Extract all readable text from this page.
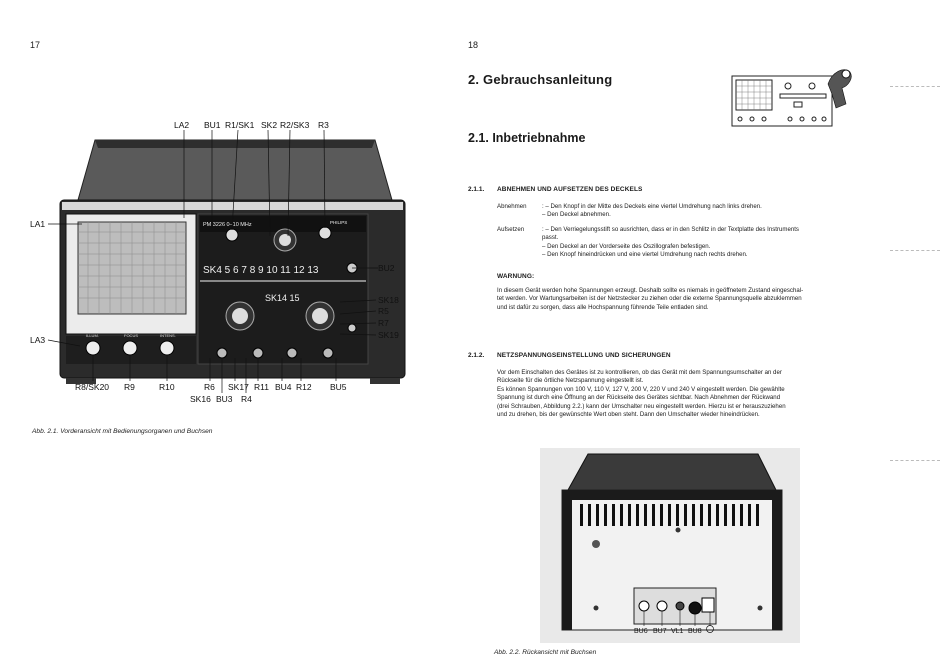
17
PM 3226 0–10 MHz	PHILIPS
SK4 5 6 7 8 9 10 11 12 13
SK14 15
ILLUM.	FOCUS	INTENS.
LA2 BU1 R1/SK1 SK2 R2/SK3 R3
LA1
LA3
BU2
SK18
R5
R7
SK19
R8/SK20 R9	R10	R6
SK16
SK17
BU3 R4
R11 BU4 R12 BU5
Abb. 2.1. Vorderansicht mit Bedienungsorganen und Buchsen
18
2. Gebrauchsanleitung
2.1. Inbetriebnahme
2.1.1. ABNEHMEN UND AUFSETZEN DES DECKELS
Abnehmen	: – Den Knopf in der Mitte des Deckels eine viertel Umdrehung nach links drehen.
– Den Deckel abnehmen.
Aufsetzen	: – Den Verriegelungsstift so ausrichten, dass er in den Schlitz in der Textplatte des Instruments
passt.
– Den Deckel an der Vorderseite des Oszillografen befestigen.
– Den Knopf hineindrücken und eine viertel Umdrehung nach rechts drehen.
WARNUNG:
In diesem Gerät werden hohe Spannungen erzeugt. Deshalb sollte es niemals in geöffnetem Zustand eingeschal-
tet werden. Vor Wartungsarbeiten ist der Netzstecker zu ziehen oder die externe Spannungsquelle abzuklemmen
und ist dafür zu sorgen, dass alle Hochspannung führende Teile entladen sind.
2.1.2. NETZSPANNUNGSEINSTELLUNG UND SICHERUNGEN
Vor dem Einschalten des Gerätes ist zu kontrollieren, ob das Gerät mit dem Spannungsumschalter an der
Rückseite für die örtliche Netzspannung eingestellt ist.
Es können Spannungen von 100 V, 110 V, 127 V, 200 V, 220 V und 240 V eingestellt werden. Die gewählte
Spannung ist durch eine Öffnung an der Rückseite des Gerätes sichtbar. Nach Abnehmen der Rückwand
(drei Schrauben, Abbildung 2.2.) kann der Umschalter neu eingestellt werden. Hierzu ist er herauszuziehen
und zu drehen, bis der gewünschte Wert oben steht. Dann den Umschalter wieder hineindrücken.
BU6 BU7 VL1 BU8
Abb. 2.2. Rückansicht mit Buchsen
